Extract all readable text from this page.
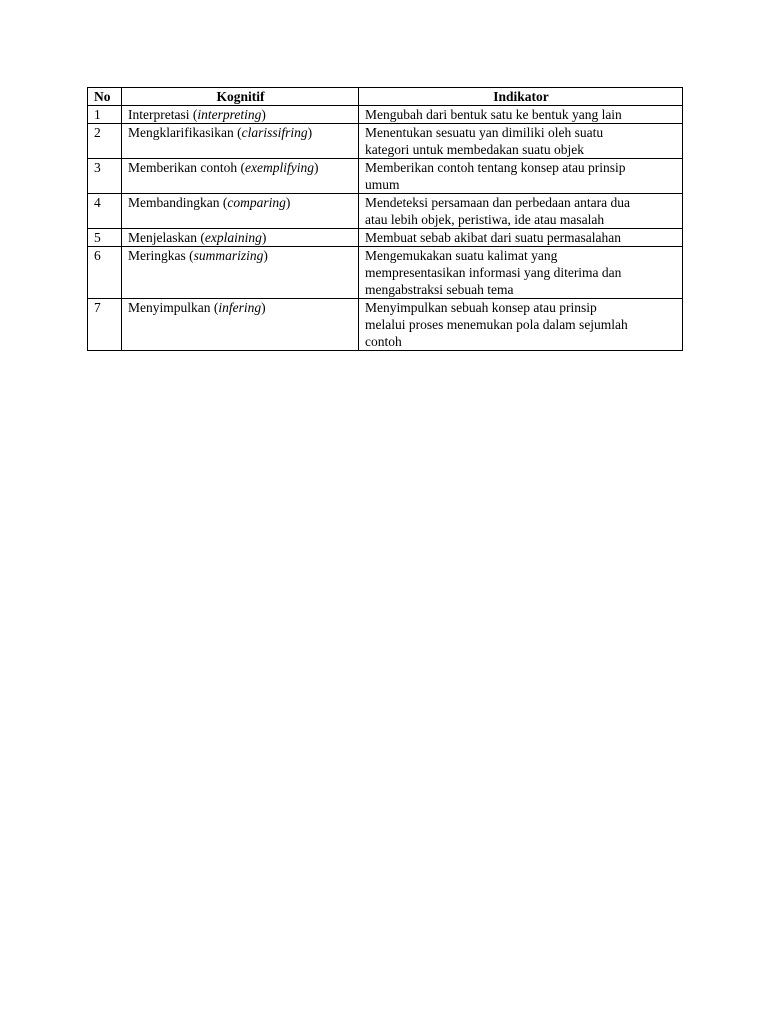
No	Kognitif	Indikator
1	Interpretasi (interpreting)	Mengubah dari bentuk satu ke bentuk yang lain

2	Mengklarifikasikan (clarissifring)	Menentukan sesuatu yan dimiliki oleh suatu
kategori untuk membedakan suatu objek

3	Memberikan contoh (exemplifying)	Memberikan contoh tentang konsep atau prinsip
umum

4	Membandingkan (comparing)	Mendeteksi persamaan dan perbedaan antara dua
atau lebih objek, peristiwa, ide atau masalah

5	Menjelaskan (explaining)	Membuat sebab akibat dari suatu permasalahan

6	Meringkas (summarizing)	Mengemukakan suatu kalimat yang
mempresentasikan informasi yang diterima dan
mengabstraksi sebuah tema

7	Menyimpulkan (infering)	Menyimpulkan sebuah konsep atau prinsip
melalui proses menemukan pola dalam sejumlah
contoh
